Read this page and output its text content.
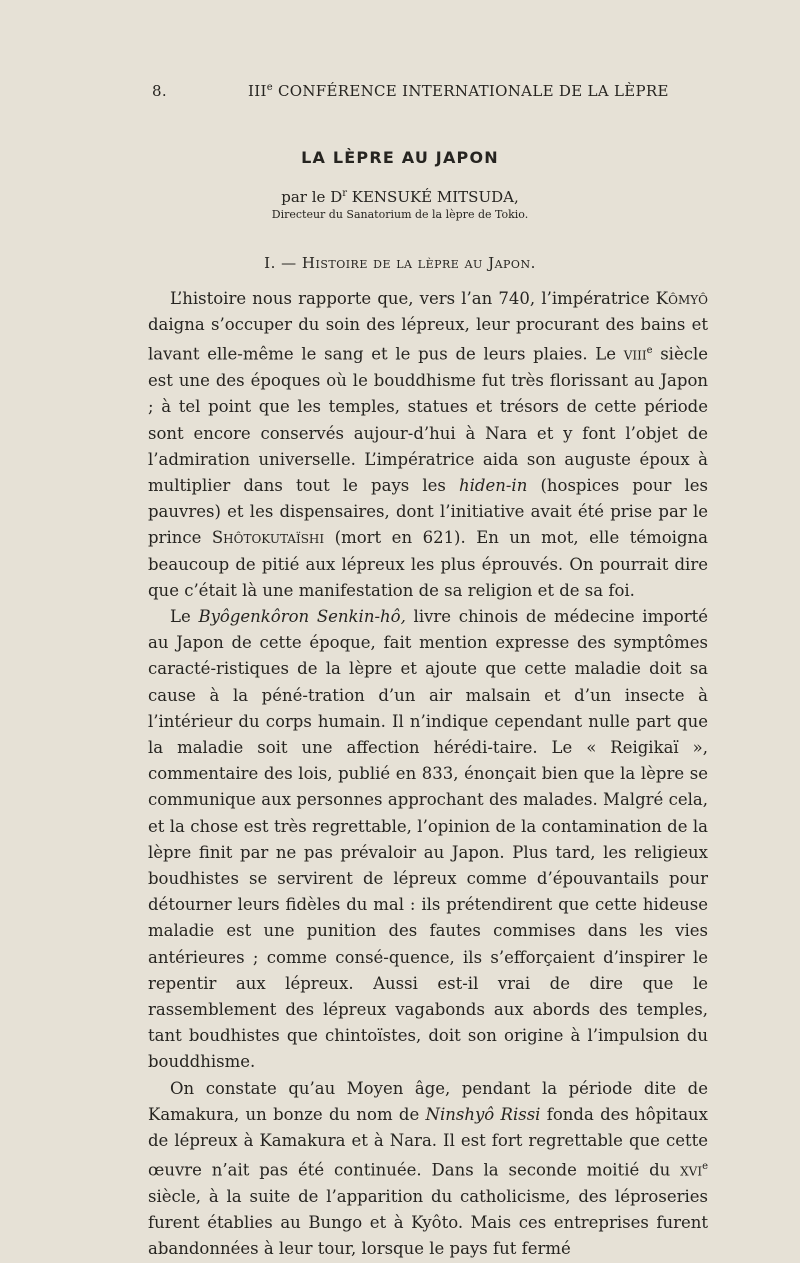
8.	IIIe CONFÉRENCE INTERNATIONALE DE LA LÈPRE
LA LÈPRE AU JAPON
par le $D^r$ KENSUKÉ MITSUDA,
Directeur du Sanatorium de la lèpre de Tokio.
I. — Histoire de la lèpre au Japon.

L’histoire nous rapporte que, vers l’an 740, l’impératrice Kômyô daigna s’occuper du soin des lépreux, leur procurant des bains et lavant elle-même le sang et le pus de leurs plaies. Le viii$^e$ siècle est une des époques où le bouddhisme fut très florissant au Japon ; à tel point que les temples, statues et trésors de cette période sont encore conservés aujour-d’hui à Nara et y font l’objet de l’admiration universelle. L’impératrice aida son auguste époux à multiplier dans tout le pays les hiden-in (hospices pour les pauvres) et les dispensaires, dont l’initiative avait été prise par le prince Shôtokutaïshi (mort en 621). En un mot, elle témoigna beaucoup de pitié aux lépreux les plus éprouvés. On pourrait dire que c’était là une manifestation de sa religion et de sa foi.

Le Byôgenkôron Senkin-hô, livre chinois de médecine importé au Japon de cette époque, fait mention expresse des symptômes caracté-ristiques de la lèpre et ajoute que cette maladie doit sa cause à la péné-tration d’un air malsain et d’un insecte à l’intérieur du corps humain. Il n’indique cependant nulle part que la maladie soit une affection hérédi-taire. Le « Reigikaï », commentaire des lois, publié en 833, énonçait bien que la lèpre se communique aux personnes approchant des malades. Malgré cela, et la chose est très regrettable, l’opinion de la contamination de la lèpre finit par ne pas prévaloir au Japon. Plus tard, les religieux boudhistes se servirent de lépreux comme d’épouvantails pour détourner leurs fidèles du mal : ils prétendirent que cette hideuse maladie est une punition des fautes commises dans les vies antérieures ; comme consé-quence, ils s’efforçaient d’inspirer le repentir aux lépreux. Aussi est-il vrai de dire que le rassemblement des lépreux vagabonds aux abords des temples, tant boudhistes que chintoïstes, doit son origine à l’impulsion du bouddhisme.

On constate qu’au Moyen âge, pendant la période dite de Kamakura, un bonze du nom de Ninshyô Rissi fonda des hôpitaux de lépreux à Kamakura et à Nara. Il est fort regrettable que cette œuvre n’ait pas été continuée. Dans la seconde moitié du xvi$^e$ siècle, à la suite de l’apparition du catholicisme, des léproseries furent établies au Bungo et à Kyôto. Mais ces entreprises furent abandonnées à leur tour, lorsque le pays fut fermé
